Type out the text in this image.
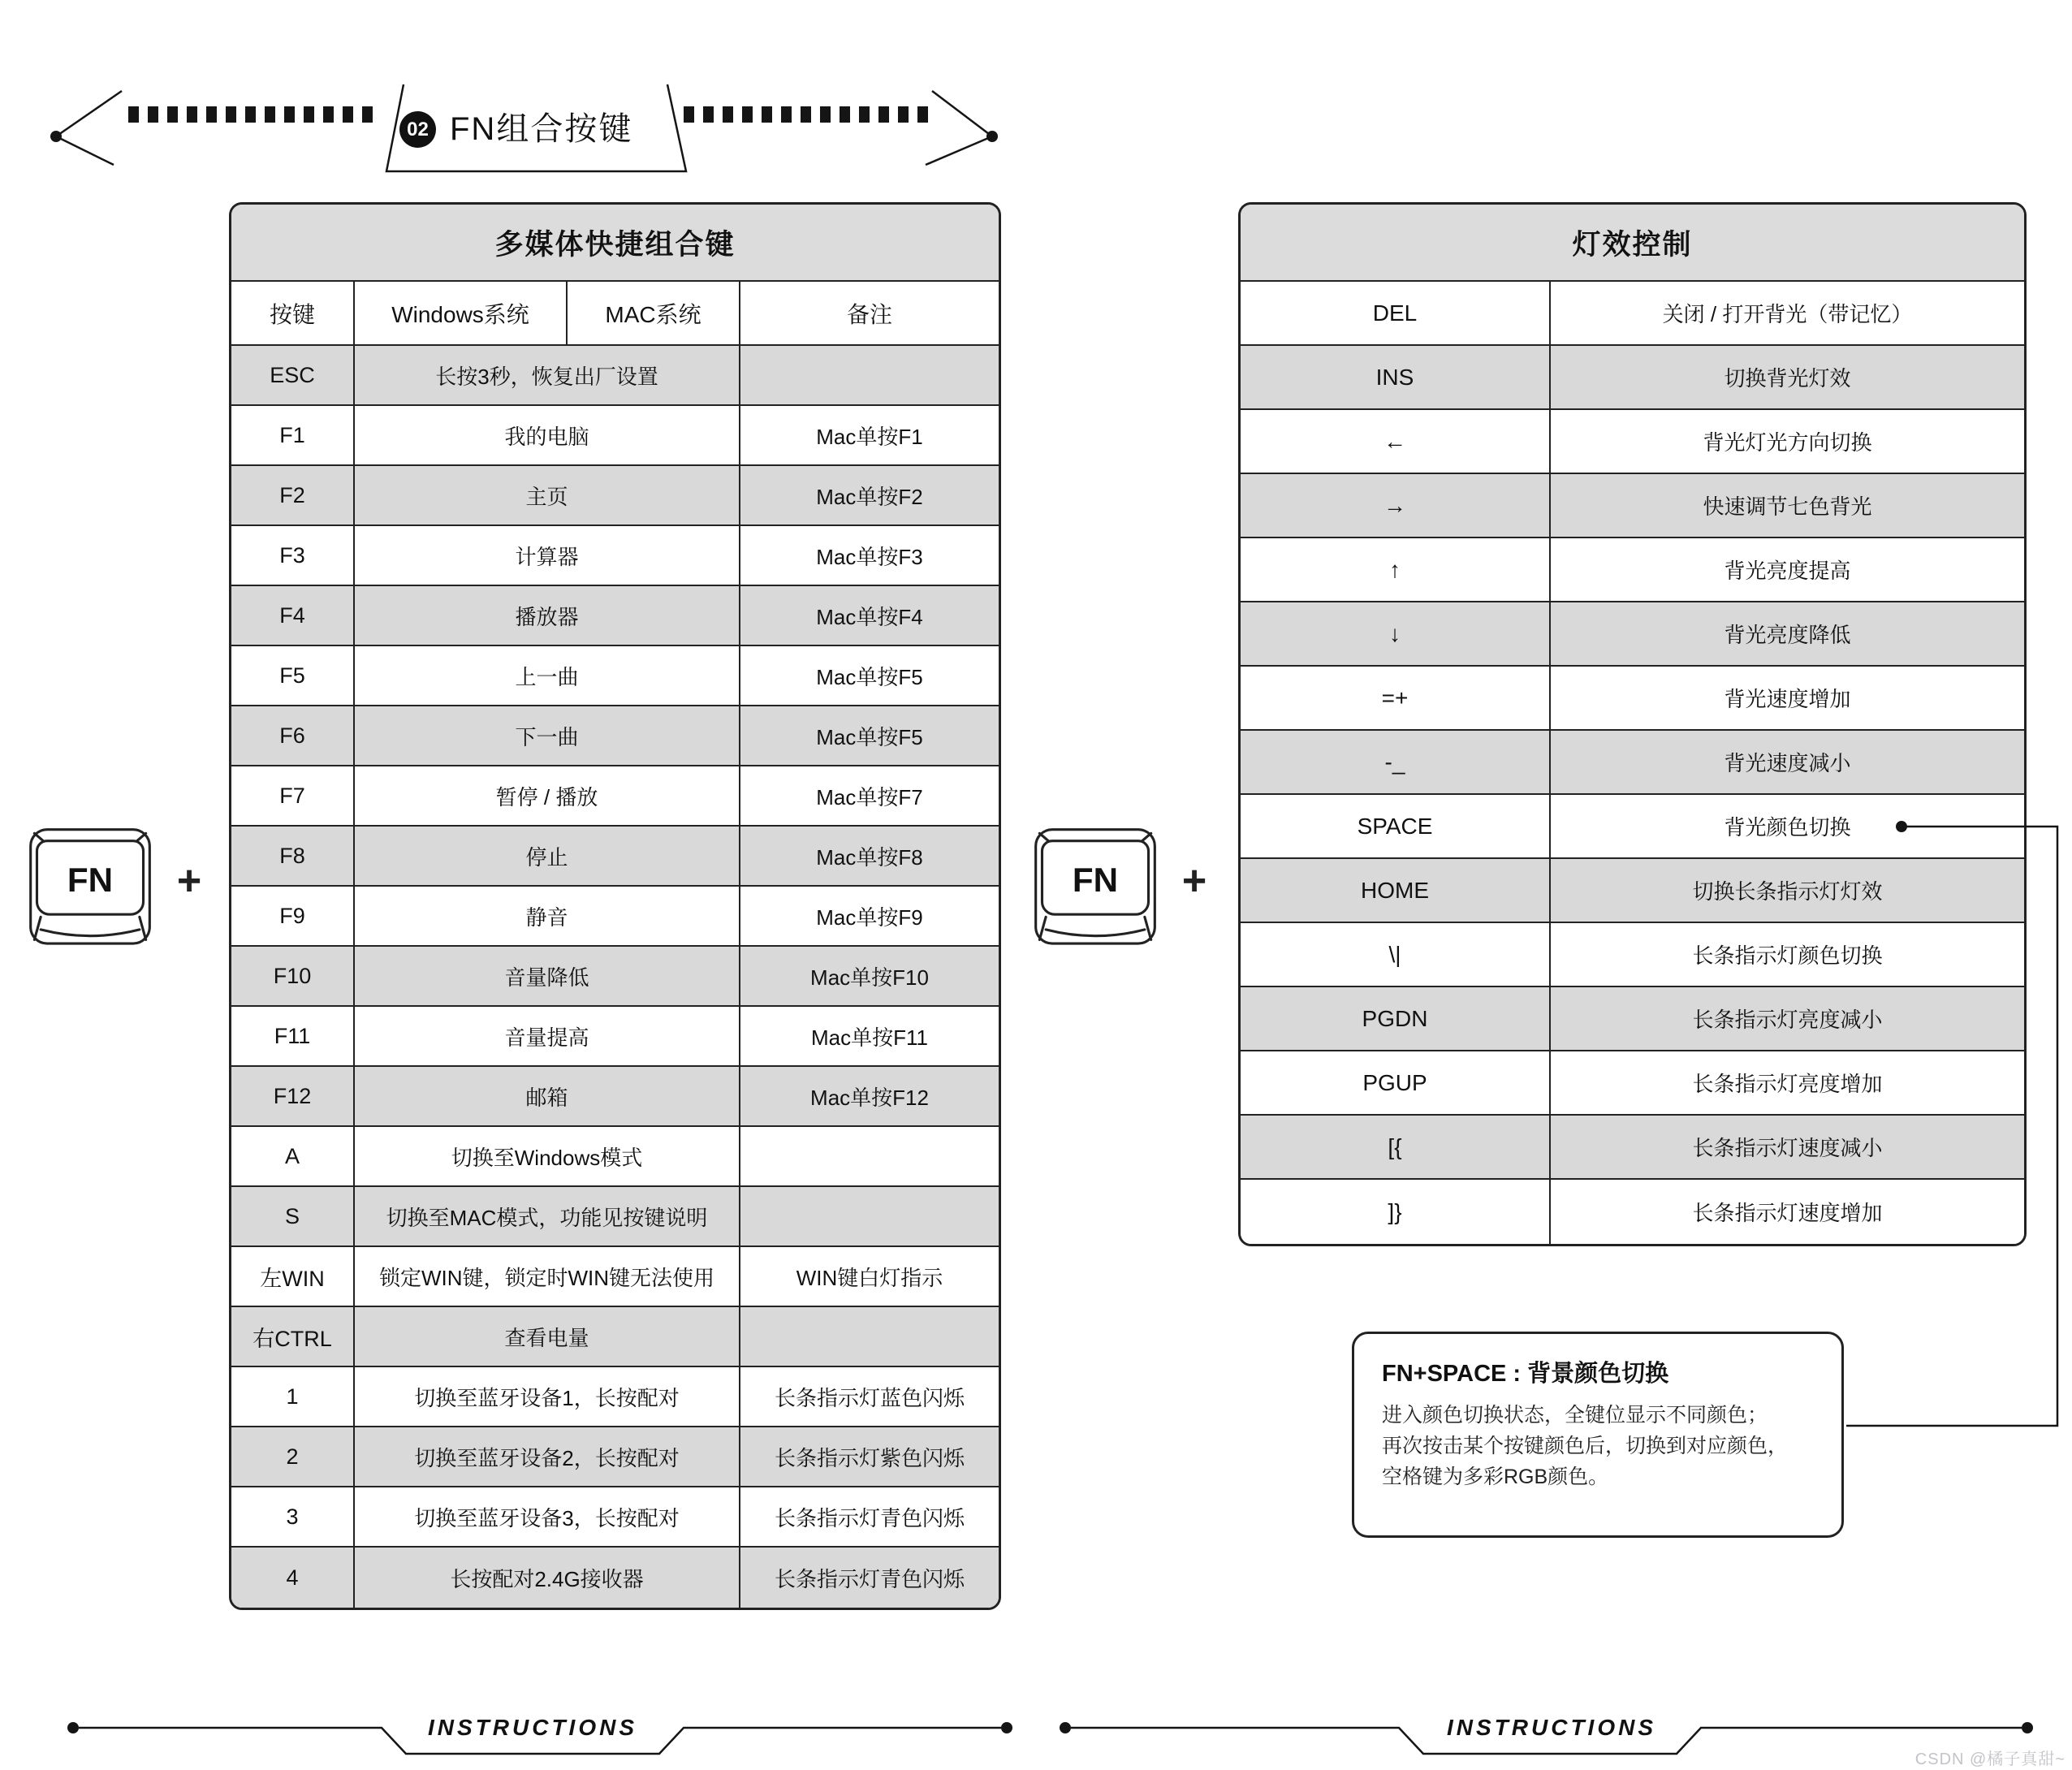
02 FN组合按键
FN	+	FN	+
多媒体快捷组合键
按键	Windows系统	MAC系统	备注
ESC	长按3秒，恢复出厂设置
F1	我的电脑	Mac单按F1
F2	主页	Mac单按F2
F3	计算器	Mac单按F3
F4	播放器	Mac单按F4
F5	上一曲	Mac单按F5
F6	下一曲	Mac单按F5
F7	暂停 / 播放	Mac单按F7
F8	停止	Mac单按F8
F9	静音	Mac单按F9
F10	音量降低	Mac单按F10
F11	音量提高	Mac单按F11
F12	邮箱	Mac单按F12
A	切换至Windows模式
S	切换至MAC模式，功能见按键说明
左WIN	锁定WIN键，锁定时WIN键无法使用	WIN键白灯指示
右CTRL	查看电量
1	切换至蓝牙设备1，长按配对	长条指示灯蓝色闪烁
2	切换至蓝牙设备2，长按配对	长条指示灯紫色闪烁
3	切换至蓝牙设备3，长按配对	长条指示灯青色闪烁
4	长按配对2.4G接收器	长条指示灯青色闪烁
灯效控制
DEL	关闭 / 打开背光（带记忆）
INS	切换背光灯效
←	背光灯光方向切换
→	快速调节七色背光
↑	背光亮度提高
↓	背光亮度降低
=+	背光速度增加
-_	背光速度减小
SPACE	背光颜色切换
HOME	切换长条指示灯灯效
\|	长条指示灯颜色切换
PGDN	长条指示灯亮度减小
PGUP	长条指示灯亮度增加
[{	长条指示灯速度减小
]}	长条指示灯速度增加
FN+SPACE : 背景颜色切换
进入颜色切换状态，全键位显示不同颜色；
再次按击某个按键颜色后，切换到对应颜色，
空格键为多彩RGB颜色。
INSTRUCTIONS	INSTRUCTIONS
CSDN @橘子真甜~
